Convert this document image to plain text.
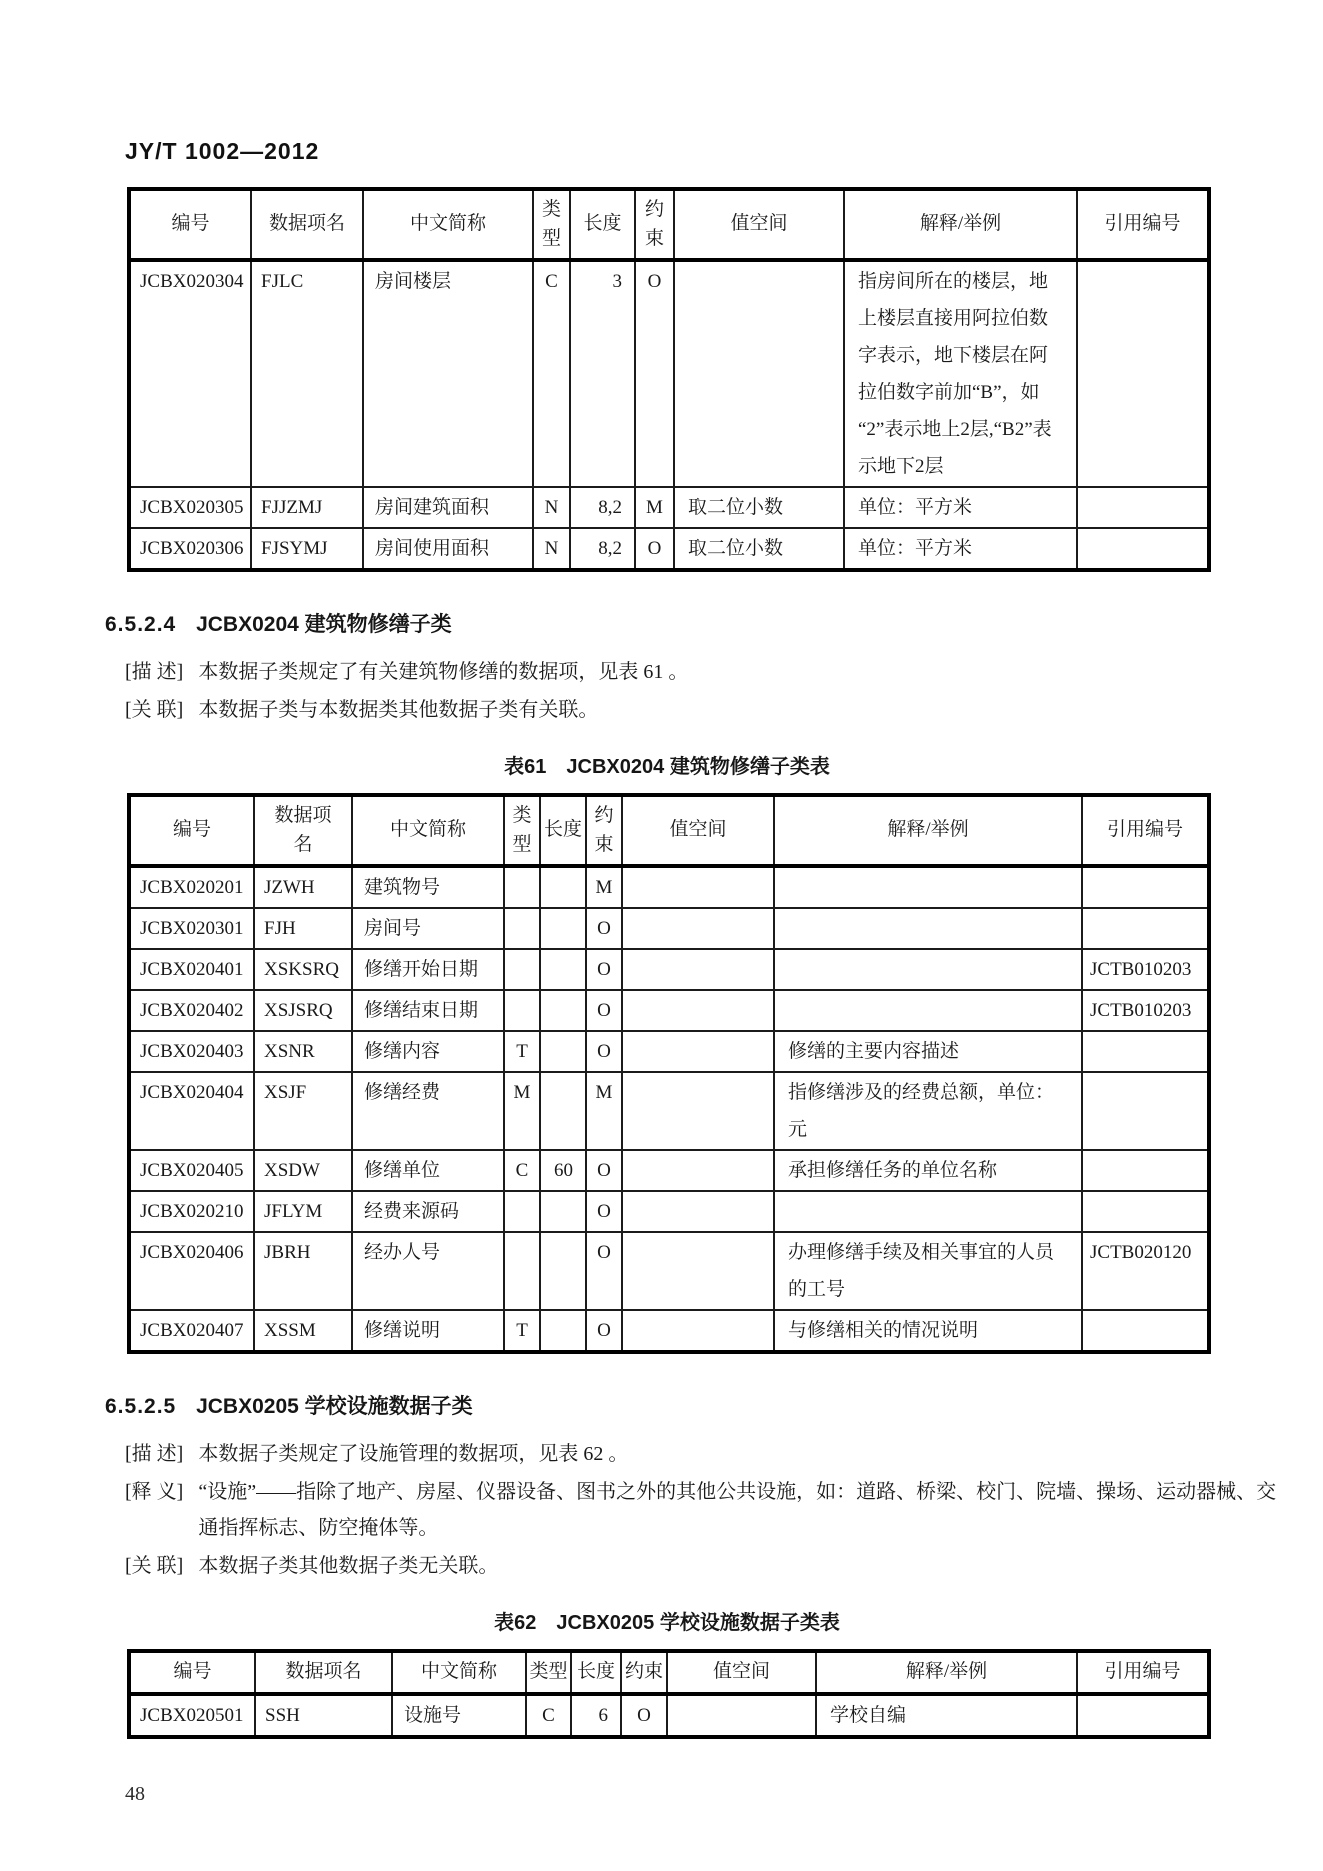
JY/T 1002—2012
编号	数据项名	中文简称	类型	长度	约束	值空间	解释/举例	引用编号
JCBX020304	FJLC	房间楼层	C	3	O		指房间所在的楼层，地上楼层直接用阿拉伯数字表示，地下楼层在阿拉伯数字前加“B”，如“2”表示地上2层,“B2”表示地下2层	
JCBX020305	FJJZMJ	房间建筑面积	N	8,2	M	取二位小数	单位：平方米	
JCBX020306	FJSYMJ	房间使用面积	N	8,2	O	取二位小数	单位：平方米	
6.5.2.4 JCBX0204 建筑物修缮子类
[描 述] 本数据子类规定了有关建筑物修缮的数据项，见表 61 。
[关 联] 本数据子类与本数据类其他数据子类有关联。
表61　JCBX0204 建筑物修缮子类表
编号	数据项名	中文简称	类型	长度	约束	值空间	解释/举例	引用编号
JCBX020201	JZWH	建筑物号			M			
JCBX020301	FJH	房间号			O			
JCBX020401	XSKSRQ	修缮开始日期			O			JCTB010203
JCBX020402	XSJSRQ	修缮结束日期			O			JCTB010203
JCBX020403	XSNR	修缮内容	T		O		修缮的主要内容描述	
JCBX020404	XSJF	修缮经费	M		M		指修缮涉及的经费总额，单位：元	
JCBX020405	XSDW	修缮单位	C	60	O		承担修缮任务的单位名称	
JCBX020210	JFLYM	经费来源码			O			
JCBX020406	JBRH	经办人号			O		办理修缮手续及相关事宜的人员的工号	JCTB020120
JCBX020407	XSSM	修缮说明	T		O		与修缮相关的情况说明	
6.5.2.5 JCBX0205 学校设施数据子类
[描 述] 本数据子类规定了设施管理的数据项，见表 62 。
[释 义] “设施”——指除了地产、房屋、仪器设备、图书之外的其他公共设施，如：道路、桥梁、校门、院墙、操场、运动器械、交通指挥标志、防空掩体等。
[关 联] 本数据子类其他数据子类无关联。
表62　JCBX0205 学校设施数据子类表
编号	数据项名	中文简称	类型	长度	约束	值空间	解释/举例	引用编号
JCBX020501	SSH	设施号	C	6	O		学校自编	
48
